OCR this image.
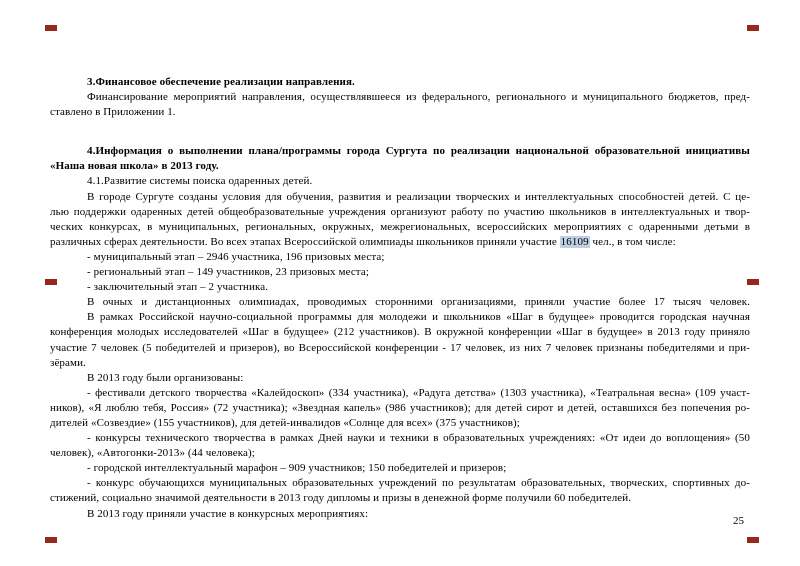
3.Финансовое обеспечение реализации направления.
Финансирование мероприятий направления, осуществлявшееся из федерального, регионального и муниципального бюджетов, пред-
ставлено в Приложении 1.
4.Информация о выполнении плана/программы города Сургута по реализации национальной образовательной инициативы
«Наша новая школа» в 2013 году.
4.1.Развитие системы поиска одаренных детей.
В городе Сургуте созданы условия для обучения, развития и реализации творческих и интеллектуальных способностей детей. С це-
лью поддержки одаренных детей общеобразовательные учреждения организуют работу по участию школьников в интеллектуальных и твор-
ческих конкурсах, в муниципальных, региональных, окружных, межрегиональных, всероссийских мероприятиях с одаренными детьми в
различных сферах деятельности. Во всех этапах Всероссийской олимпиады школьников приняли участие 16109 чел., в том числе:
- муниципальный этап – 2946 участника, 196 призовых места;
- региональный этап – 149 участников, 23 призовых места;
- заключительный этап – 2 участника.
В очных и дистанционных олимпиадах, проводимых сторонними организациями, приняли участие более 17 тысяч человек.
В рамках Российской научно-социальной программы для молодежи и школьников «Шаг в будущее» проводится городская научная
конференция молодых исследователей «Шаг в будущее» (212 участников). В окружной конференции «Шаг в будущее» в 2013 году приняло
участие 7 человек (5 победителей и призеров), во Всероссийской конференции - 17 человек, из них 7 человек признаны победителями и при-
зёрами.
В 2013 году были организованы:
- фестивали детского творчества «Калейдоскоп» (334 участника), «Радуга детства» (1303 участника), «Театральная весна» (109 участ-
ников), «Я люблю тебя, Россия» (72 участника); «Звездная капель» (986 участников); для детей сирот и детей, оставшихся без попечения ро-
дителей «Созвездие» (155 участников), для детей-инвалидов «Солнце для всех» (375 участников);
- конкурсы технического творчества в рамках Дней науки и техники в образовательных учреждениях: «От идеи до воплощения» (50
человек), «Автогонки-2013» (44 человека);
- городской интеллектуальный марафон – 909 участников; 150 победителей и призеров;
- конкурс обучающихся муниципальных образовательных учреждений по результатам образовательных, творческих, спортивных до-
стижений, социально значимой деятельности в 2013 году дипломы и призы в денежной форме получили 60 победителей.
В 2013 году приняли участие в конкурсных мероприятиях:
25
